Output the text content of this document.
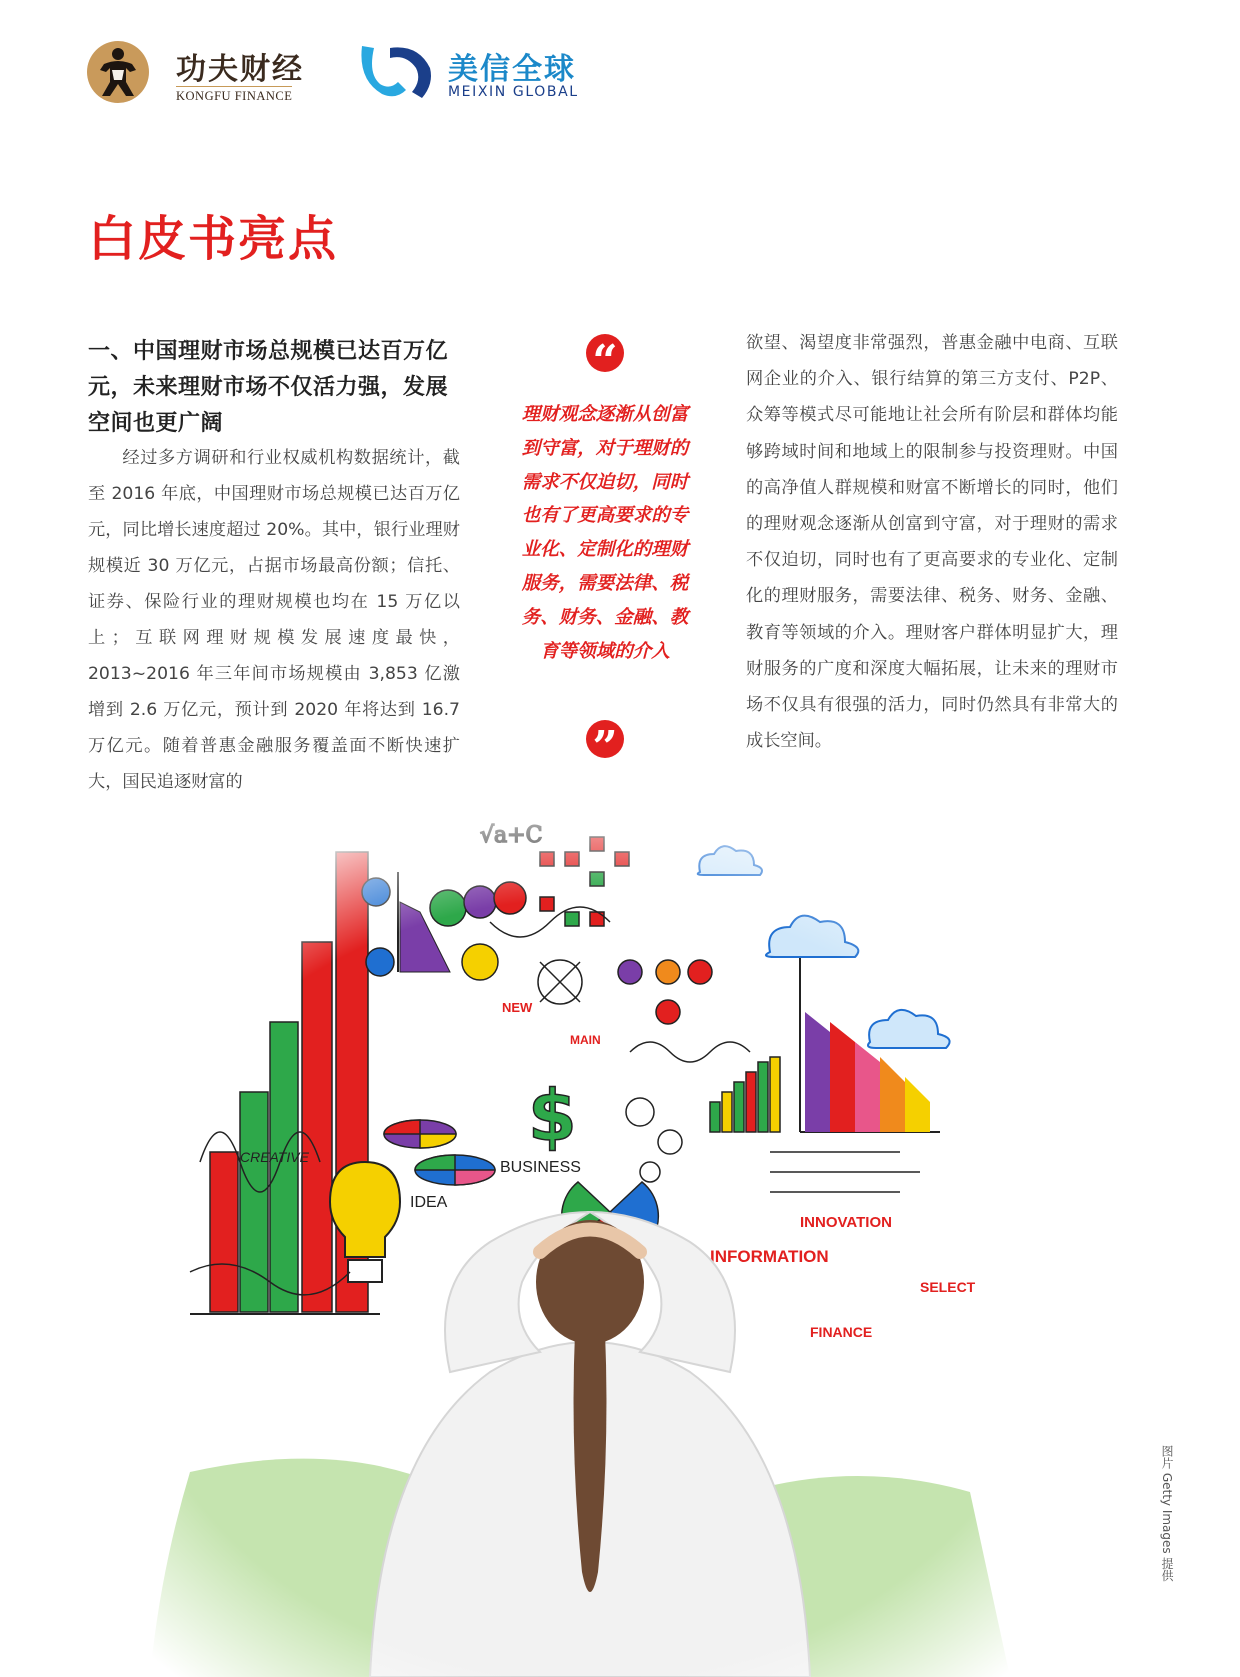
功夫财经
KONGFU FINANCE
美信全球
MEIXIN GLOBAL
白皮书亮点
一、中国理财市场总规模已达百万亿元，未来理财市场不仅活力强，发展空间也更广阔

经过多方调研和行业权威机构数据统计，截至 2016 年底，中国理财市场总规模已达百万亿元，同比增长速度超过 20%。其中，银行业理财规模近 30 万亿元，占据市场最高份额；信托、证券、保险行业的理财规模也均在 15 万亿以上；互联网理财规模发展速度最快，2013~2016 年三年间市场规模由 3,853 亿激增到 2.6 万亿元，预计到 2020 年将达到 16.7 万亿元。随着普惠金融服务覆盖面不断快速扩大，国民追逐财富的

“

理财观念逐渐从创富到守富，对于理财的需求不仅迫切，同时也有了更高要求的专业化、定制化的理财服务，需要法律、税务、财务、金融、教育等领域的介入

”

欲望、渴望度非常强烈，普惠金融中电商、互联网企业的介入、银行结算的第三方支付、P2P、众筹等模式尽可能地让社会所有阶层和群体均能够跨域时间和地域上的限制参与投资理财。中国的高净值人群规模和财富不断增长的同时，他们的理财观念逐渐从创富到守富，对于理财的需求不仅迫切，同时也有了更高要求的专业化、定制化的理财服务，需要法律、税务、财务、金融、教育等领域的介入。理财客户群体明显扩大，理财服务的广度和深度大幅拓展，让未来的理财市场不仅具有很强的活力，同时仍然具有非常大的成长空间。

图片 Getty Images 提供
